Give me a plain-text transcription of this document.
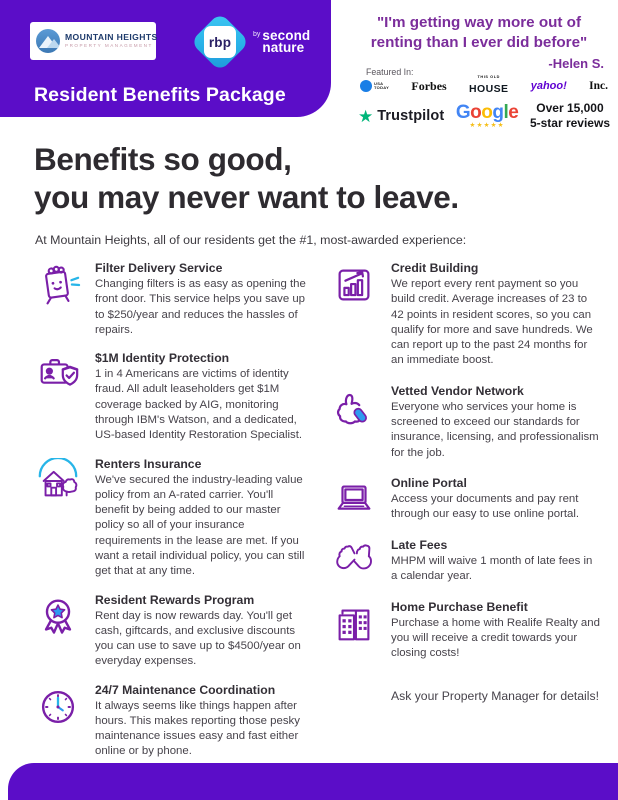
MOUNTAIN HEIGHTS
PROPERTY MANAGEMENT	rbp	by second
nature
Resident Benefits Package
"I'm getting way more out of
renting than I ever did before"
-Helen S.
Featured In:
USA
TODAY Forbes
THIS OLD
HOUSE yahoo! Inc.
★ Trustpilot Google
★★★★★
Over 15,000
5-star reviews
Benefits so good,
you may never want to leave.
At Mountain Heights, all of our residents get the #1, most-awarded experience:
Filter Delivery Service
Changing filters is as easy as opening the front door. This service helps you save up to $250/year and reduces the hassles of repairs.
$1M Identity Protection
1 in 4 Americans are victims of identity fraud. All adult leaseholders get $1M coverage backed by AIG, monitoring through IBM's Watson, and a dedicated, US-based Identity Restoration Specialist.
Renters Insurance
We've secured the industry-leading value policy from an A-rated carrier. You'll benefit by being added to our master policy so all of your insurance requirements in the lease are met. If you want a retail individual policy, you can still get that at any time.
Resident Rewards Program
Rent day is now rewards day. You'll get cash, giftcards, and exclusive discounts you can use to save up to $4500/year on everyday expenses.
24/7 Maintenance Coordination
It always seems like things happen after hours. This makes reporting those pesky maintenance issues easy and fast either online or by phone.
Credit Building
We report every rent payment so you build credit. Average increases of 23 to 42 points in resident scores, so you can qualify for more and save hundreds. We can report up to the past 24 months for an immediate boost.
Vetted Vendor Network
Everyone who services your home is screened to exceed our standards for insurance, licensing, and professionalism for the job.
Online Portal
Access your documents and pay rent through our easy to use online portal.
Late Fees
MHPM will waive 1 month of late fees in a calendar year.
Home Purchase Benefit
Purchase a home with Realife Realty and you will receive a credit towards your closing costs!
Ask your Property Manager for details!
